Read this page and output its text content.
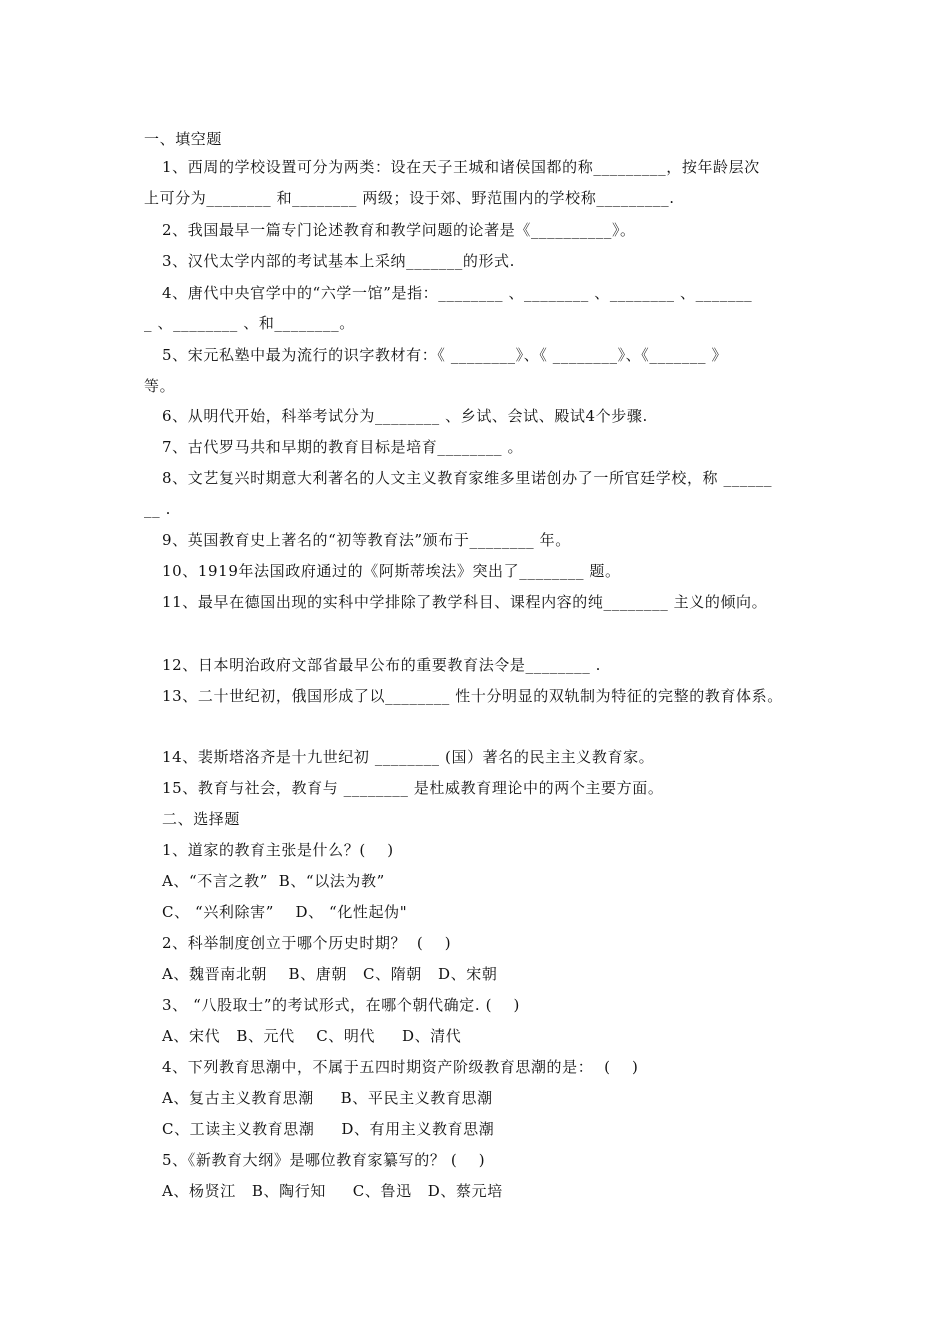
一、填空题
1、西周的学校设置可分为两类：设在天子王城和诸侯国都的称_________，按年龄层次
上可分为________ 和________ 两级；设于郊、野范围内的学校称_________.
2、我国最早一篇专门论述教育和教学问题的论著是《__________》。
3、汉代太学内部的考试基本上采纳_______的形式.
4、唐代中央官学中的“六学一馆”是指：________ 、________ 、________ 、_______
_ 、________ 、和________。
5、宋元私塾中最为流行的识字教材有：《 ________》、《 ________》、《_______ 》
等。
6、从明代开始，科举考试分为________ 、乡试、会试、殿试4个步骤.
7、古代罗马共和早期的教育目标是培育________ 。
8、文艺复兴时期意大利著名的人文主义教育家维多里诺创办了一所官廷学校，称 ______
__ .
9、英国教育史上著名的“初等教育法”颁布于________ 年。
10、1919年法国政府通过的《阿斯蒂埃法》突出了________ 题。
11、最早在德国出现的实科中学排除了教学科目、课程内容的纯________ 主义的倾向。
12、日本明治政府文部省最早公布的重要教育法令是________ .
13、二十世纪初，俄国形成了以________ 性十分明显的双轨制为特征的完整的教育体系。
14、裴斯塔洛齐是十九世纪初 ________ (国）著名的民主主义教育家。
15、教育与社会，教育与 ________ 是杜威教育理论中的两个主要方面。
二、选择题
1、道家的教育主张是什么？(    )
A、“不言之教”  B、“以法为教”
C、 “兴利除害”    D、 “化性起伪"
2、科举制度创立于哪个历史时期？  (    )
A、魏晋南北朝    B、唐朝   C、隋朝   D、宋朝
3、 “八股取士”的考试形式，在哪个朝代确定. (    )
A、宋代   B、元代    C、明代     D、清代
4、下列教育思潮中，不属于五四时期资产阶级教育思潮的是：  (    )
A、复古主义教育思潮     B、平民主义教育思潮
C、工读主义教育思潮     D、有用主义教育思潮
5、《新教育大纲》是哪位教育家纂写的？ (    )
A、杨贤江   B、陶行知     C、鲁迅   D、蔡元培
